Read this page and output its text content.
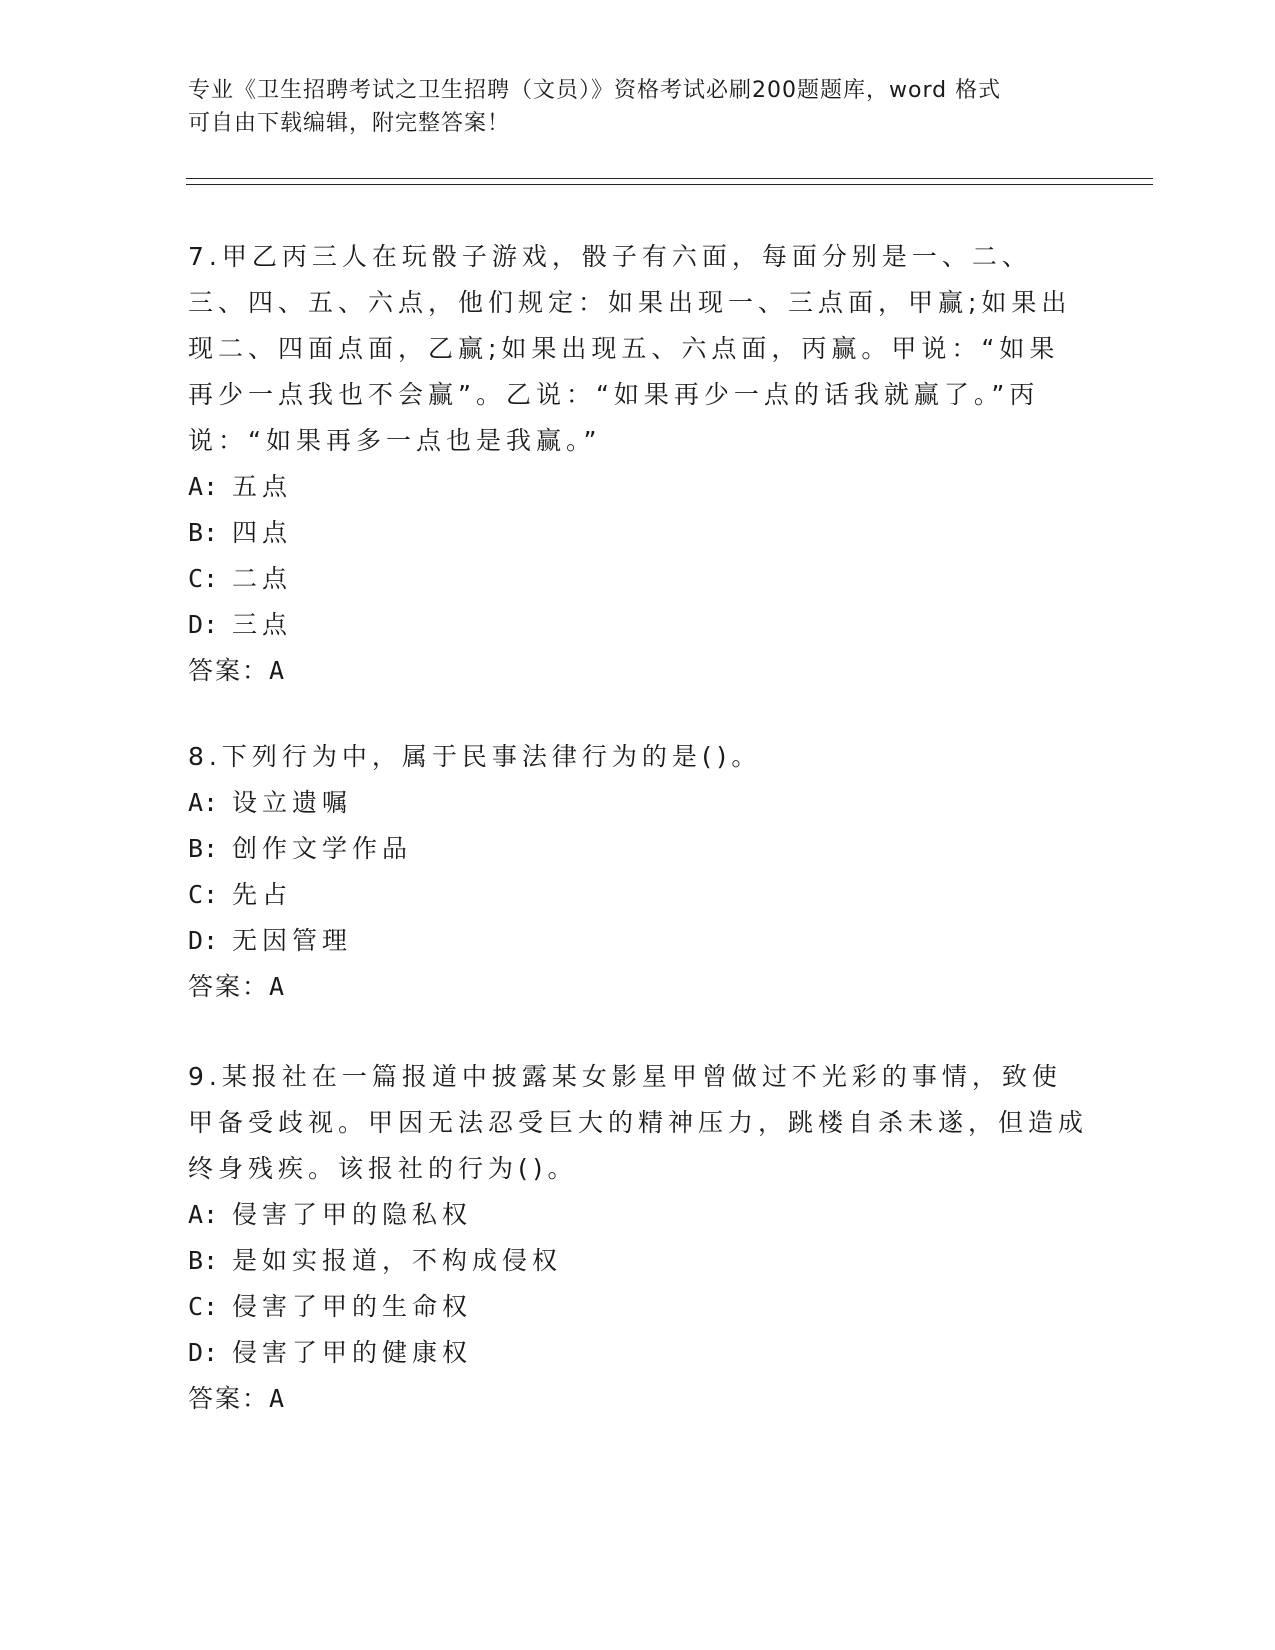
专业《卫生招聘考试之卫生招聘（文员）》资格考试必刷200题题库，word 格式
可自由下载编辑，附完整答案！

7.甲乙丙三人在玩骰子游戏，骰子有六面，每面分别是一、二、三、四、五、六点，他们规定：如果出现一、三点面，甲赢;如果出现二、四面点面，乙赢;如果出现五、六点面，丙赢。甲说：“如果再少一点我也不会赢”。乙说：“如果再少一点的话我就赢了。”丙说：“如果再多一点也是我赢。”

A: 五点
B: 四点
C: 二点
D: 三点

答案：A

8.下列行为中，属于民事法律行为的是()。

A: 设立遗嘱
B: 创作文学作品
C: 先占
D: 无因管理

答案：A

9.某报社在一篇报道中披露某女影星甲曾做过不光彩的事情，致使甲备受歧视。甲因无法忍受巨大的精神压力，跳楼自杀未遂，但造成终身残疾。该报社的行为()。

A: 侵害了甲的隐私权
B: 是如实报道，不构成侵权
C: 侵害了甲的生命权
D: 侵害了甲的健康权

答案：A
